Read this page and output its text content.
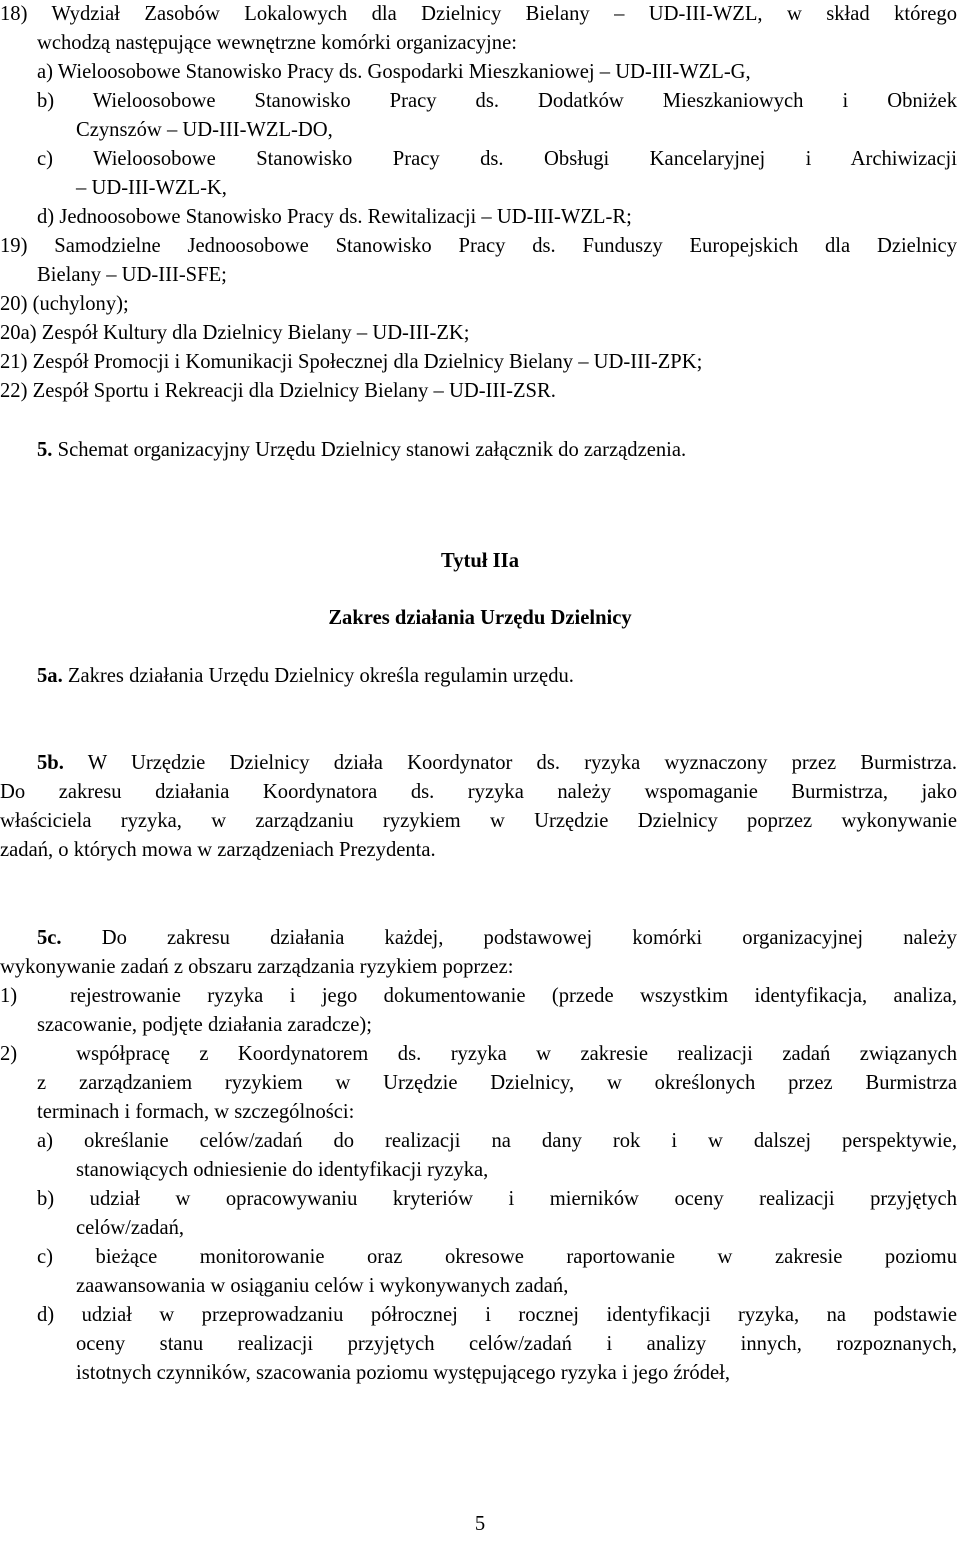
18) Wydział Zasobów Lokalowych dla Dzielnicy Bielany – UD-III-WZL, w skład którego
wchodzą następujące wewnętrzne komórki organizacyjne:
a) Wieloosobowe Stanowisko Pracy ds. Gospodarki Mieszkaniowej – UD-III-WZL-G,
b) Wieloosobowe Stanowisko Pracy ds. Dodatków Mieszkaniowych i Obniżek
Czynszów – UD-III-WZL-DO,
c) Wieloosobowe Stanowisko Pracy ds. Obsługi Kancelaryjnej i Archiwizacji
– UD-III-WZL-K,
d) Jednoosobowe Stanowisko Pracy ds. Rewitalizacji – UD-III-WZL-R;
19) Samodzielne Jednoosobowe Stanowisko Pracy ds. Funduszy Europejskich dla Dzielnicy
Bielany – UD-III-SFE;
20) (uchylony);
20a) Zespół Kultury dla Dzielnicy Bielany – UD-III-ZK;
21) Zespół Promocji i Komunikacji Społecznej dla Dzielnicy Bielany – UD-III-ZPK;
22) Zespół Sportu i Rekreacji dla Dzielnicy Bielany – UD-III-ZSR.
5. Schemat organizacyjny Urzędu Dzielnicy stanowi załącznik do zarządzenia.
Tytuł IIa
Zakres działania Urzędu Dzielnicy
5a. Zakres działania Urzędu Dzielnicy określa regulamin urzędu.
5b. W Urzędzie Dzielnicy działa Koordynator ds. ryzyka wyznaczony przez Burmistrza.
Do zakresu działania Koordynatora ds. ryzyka należy wspomaganie Burmistrza, jako
właściciela ryzyka, w zarządzaniu ryzykiem w Urzędzie Dzielnicy poprzez wykonywanie
zadań, o których mowa w zarządzeniach Prezydenta.
5c. Do zakresu działania każdej, podstawowej komórki organizacyjnej należy
wykonywanie zadań z obszaru zarządzania ryzykiem poprzez:
1)	rejestrowanie ryzyka i jego dokumentowanie (przede wszystkim identyfikacja, analiza,
szacowanie, podjęte działania zaradcze);
2)	współpracę z Koordynatorem ds. ryzyka w zakresie realizacji zadań związanych
z zarządzaniem ryzykiem w Urzędzie Dzielnicy, w określonych przez Burmistrza
terminach i formach, w szczególności:
a) określanie celów/zadań do realizacji na dany rok i w dalszej perspektywie,
stanowiących odniesienie do identyfikacji ryzyka,
b) udział w opracowywaniu kryteriów i mierników oceny realizacji przyjętych
celów/zadań,
c) bieżące monitorowanie oraz okresowe raportowanie w zakresie poziomu
zaawansowania w osiąganiu celów i wykonywanych zadań,
d) udział w przeprowadzaniu półrocznej i rocznej identyfikacji ryzyka, na podstawie
oceny stanu realizacji przyjętych celów/zadań i analizy innych, rozpoznanych,
istotnych czynników, szacowania poziomu występującego ryzyka i jego źródeł,
5
